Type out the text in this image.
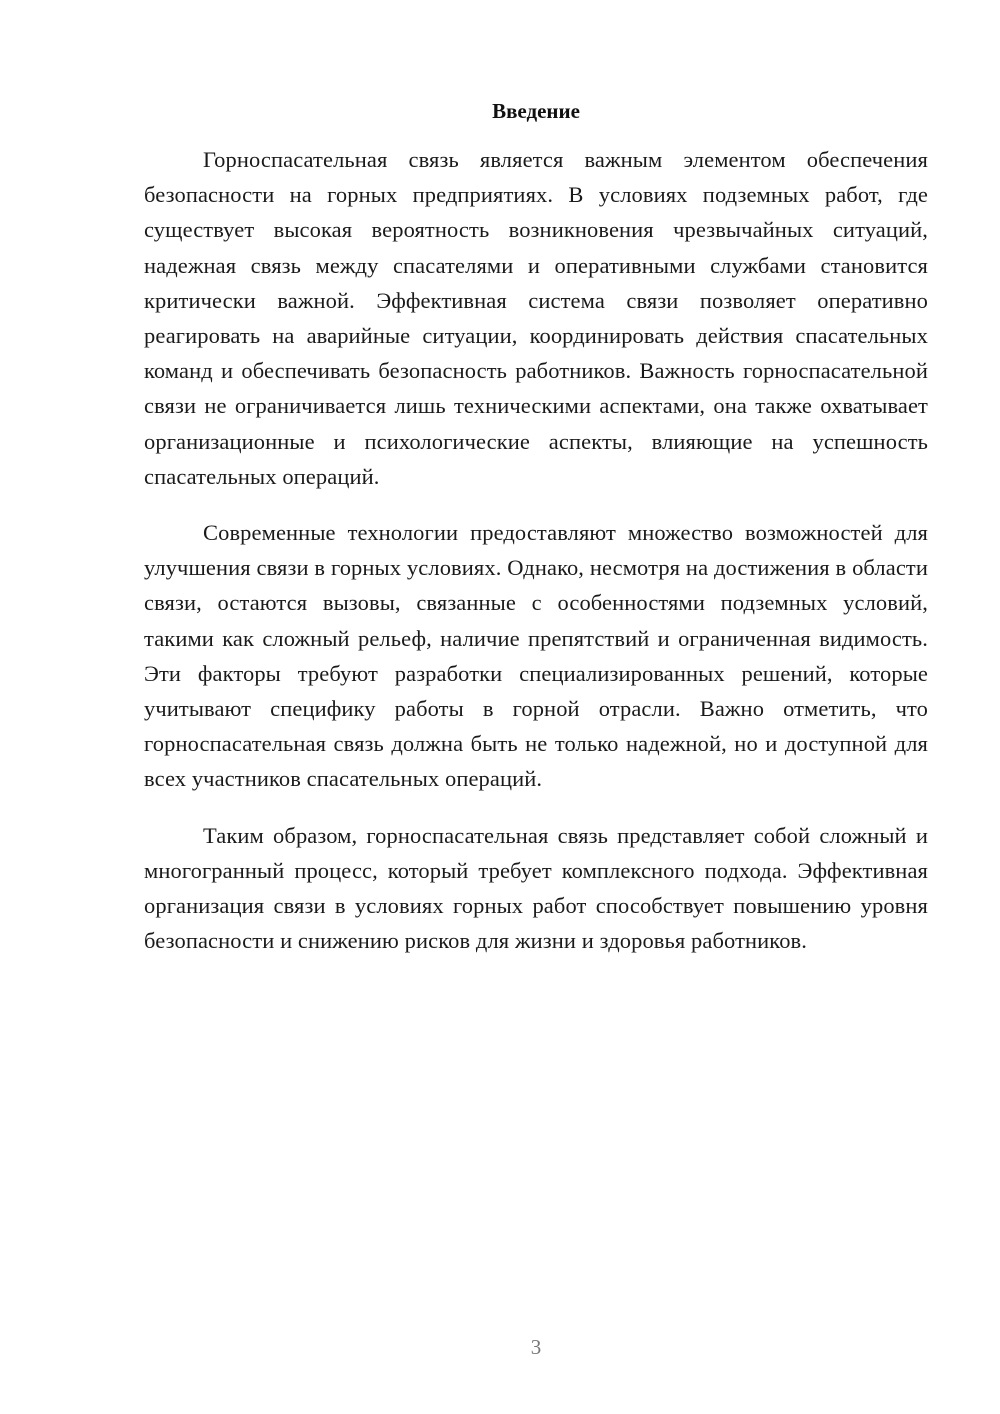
Введение

Горноспасательная связь является важным элементом обеспечения безопасности на горных предприятиях. В условиях подземных работ, где существует высокая вероятность возникновения чрезвычайных ситуаций, надежная связь между спасателями и оперативными службами становится критически важной. Эффективная система связи позволяет оперативно реагировать на аварийные ситуации, координировать действия спасательных команд и обеспечивать безопасность работников. Важность горноспасательной связи не ограничивается лишь техническими аспектами, она также охватывает организационные и психологические аспекты, влияющие на успешность спасательных операций.

Современные технологии предоставляют множество возможностей для улучшения связи в горных условиях. Однако, несмотря на достижения в области связи, остаются вызовы, связанные с особенностями подземных условий, такими как сложный рельеф, наличие препятствий и ограниченная видимость. Эти факторы требуют разработки специализированных решений, которые учитывают специфику работы в горной отрасли. Важно отметить, что горноспасательная связь должна быть не только надежной, но и доступной для всех участников спасательных операций.

Таким образом, горноспасательная связь представляет собой сложный и многогранный процесс, который требует комплексного подхода. Эффективная организация связи в условиях горных работ способствует повышению уровня безопасности и снижению рисков для жизни и здоровья работников.

3
